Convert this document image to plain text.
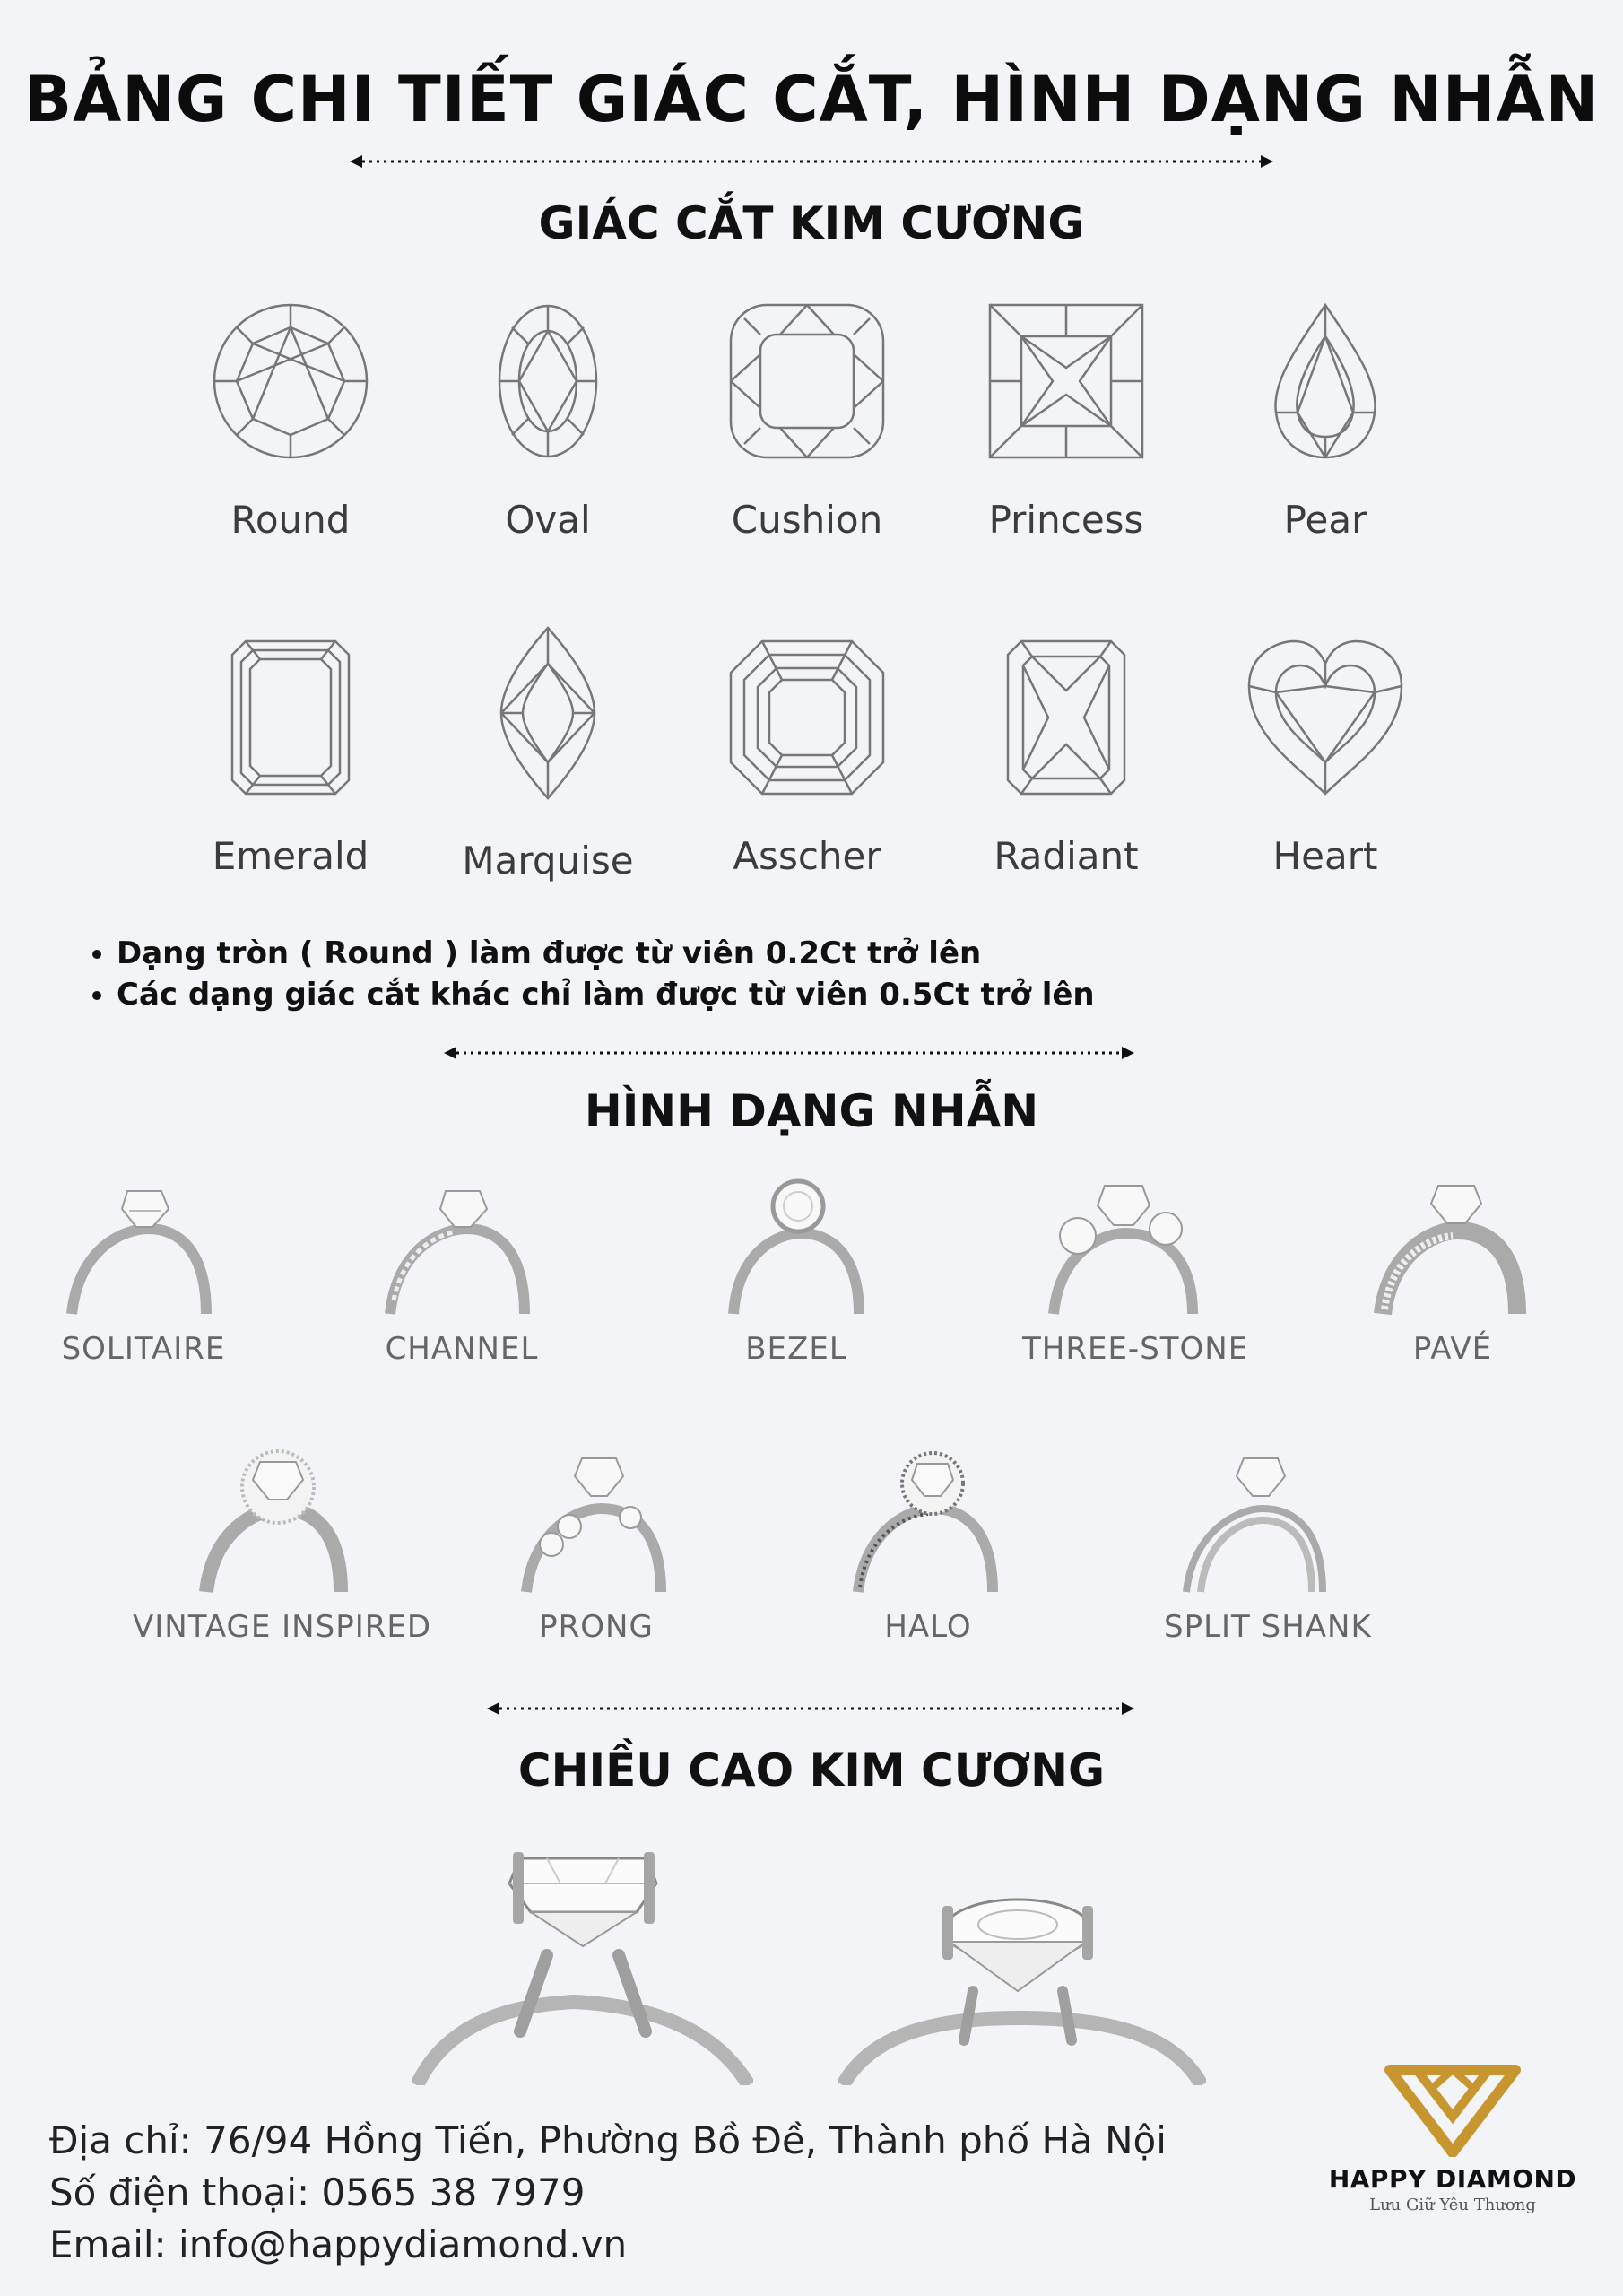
BẢNG CHI TIẾT GIÁC CẮT, HÌNH DẠNG NHẪN
GIÁC CẮT KIM CƯƠNG
Round	Oval	Cushion	Princess	Pear
Emerald	Marquise	Asscher	Radiant	Heart
• Dạng tròn ( Round ) làm được từ viên 0.2Ct trở lên
• Các dạng giác cắt khác chỉ làm được từ viên 0.5Ct trở lên
HÌNH DẠNG NHẪN
SOLITAIRE	CHANNEL	BEZEL	THREE-STONE	PAVÉ
VINTAGE INSPIRED	PRONG	HALO	SPLIT SHANK
CHIỀU CAO KIM CƯƠNG
Địa chỉ: 76/94 Hồng Tiến, Phường Bồ Đề, Thành phố Hà Nội
Số điện thoại: 0565 38 7979
Email: info@happydiamond.vn
HAPPY DIAMOND
Lưu Giữ Yêu Thương
